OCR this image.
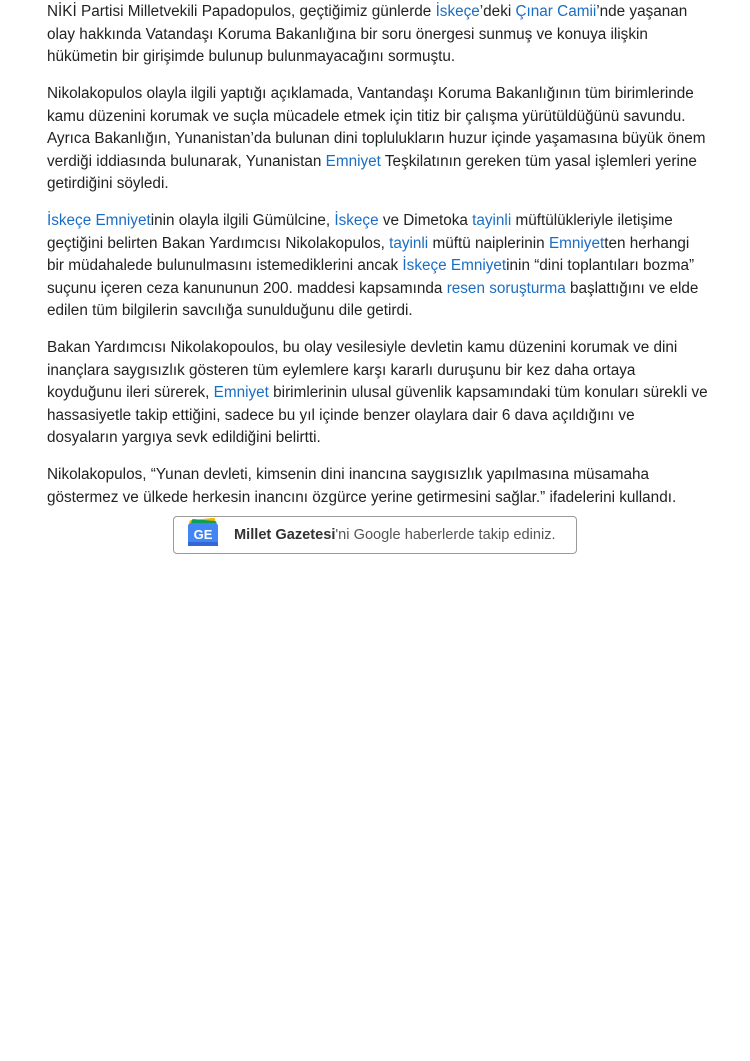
NİKİ Partisi Milletvekili Papadopulos, geçtiğimiz günlerde İskeçe’deki Çınar Camii’nde yaşanan olay hakkında Vatandaşı Koruma Bakanlığına bir soru önergesi sunmuş ve konuya ilişkin hükümetin bir girişimde bulunup bulunmayacağını sormuştu.

Nikolakopulos olayla ilgili yaptığı açıklamada, Vantandaşı Koruma Bakanlığının tüm birimlerinde kamu düzenini korumak ve suçla mücadele etmek için titiz bir çalışma yürütüldüğünü savundu. Ayrıca Bakanlığın, Yunanistan’da bulunan dini toplulukların huzur içinde yaşamasına büyük önem verdiği iddiasında bulunarak, Yunanistan Emniyet Teşkilatının gereken tüm yasal işlemleri yerine getirdiğini söyledi.

İskeçe Emniyetinin olayla ilgili Gümülcine, İskeçe ve Dimetoka tayinli müftülükleriyle iletişime geçtiğini belirten Bakan Yardımcısı Nikolakopulos, tayinli müftü naiplerinin Emniyetten herhangi bir müdahalede bulunulmasını istemediklerini ancak İskeçe Emniyetinin “dini toplantıları bozma” suçunu içeren ceza kanununun 200. maddesi kapsamında resen soruşturma başlattığını ve elde edilen tüm bilgilerin savcılığa sunulduğunu dile getirdi.

Bakan Yardımcısı Nikolakopoulos, bu olay vesilesiyle devletin kamu düzenini korumak ve dini inançlara saygısızlık gösteren tüm eylemlere karşı kararlı duruşunu bir kez daha ortaya koyduğunu ileri sürerek, Emniyet birimlerinin ulusal güvenlik kapsamındaki tüm konuları sürekli ve hassasiyetle takip ettiğini, sadece bu yıl içinde benzer olaylara dair 6 dava açıldığını ve dosyaların yargıya sevk edildiğini belirtti.

Nikolakopulos, “Yunan devleti, kimsenin dini inancına saygısızlık yapılmasına müsamaha göstermez ve ülkede herkesin inancını özgürce yerine getirmesini sağlar.” ifadelerini kullandı.

GE Millet Gazetesi'ni Google haberlerde takip ediniz.
